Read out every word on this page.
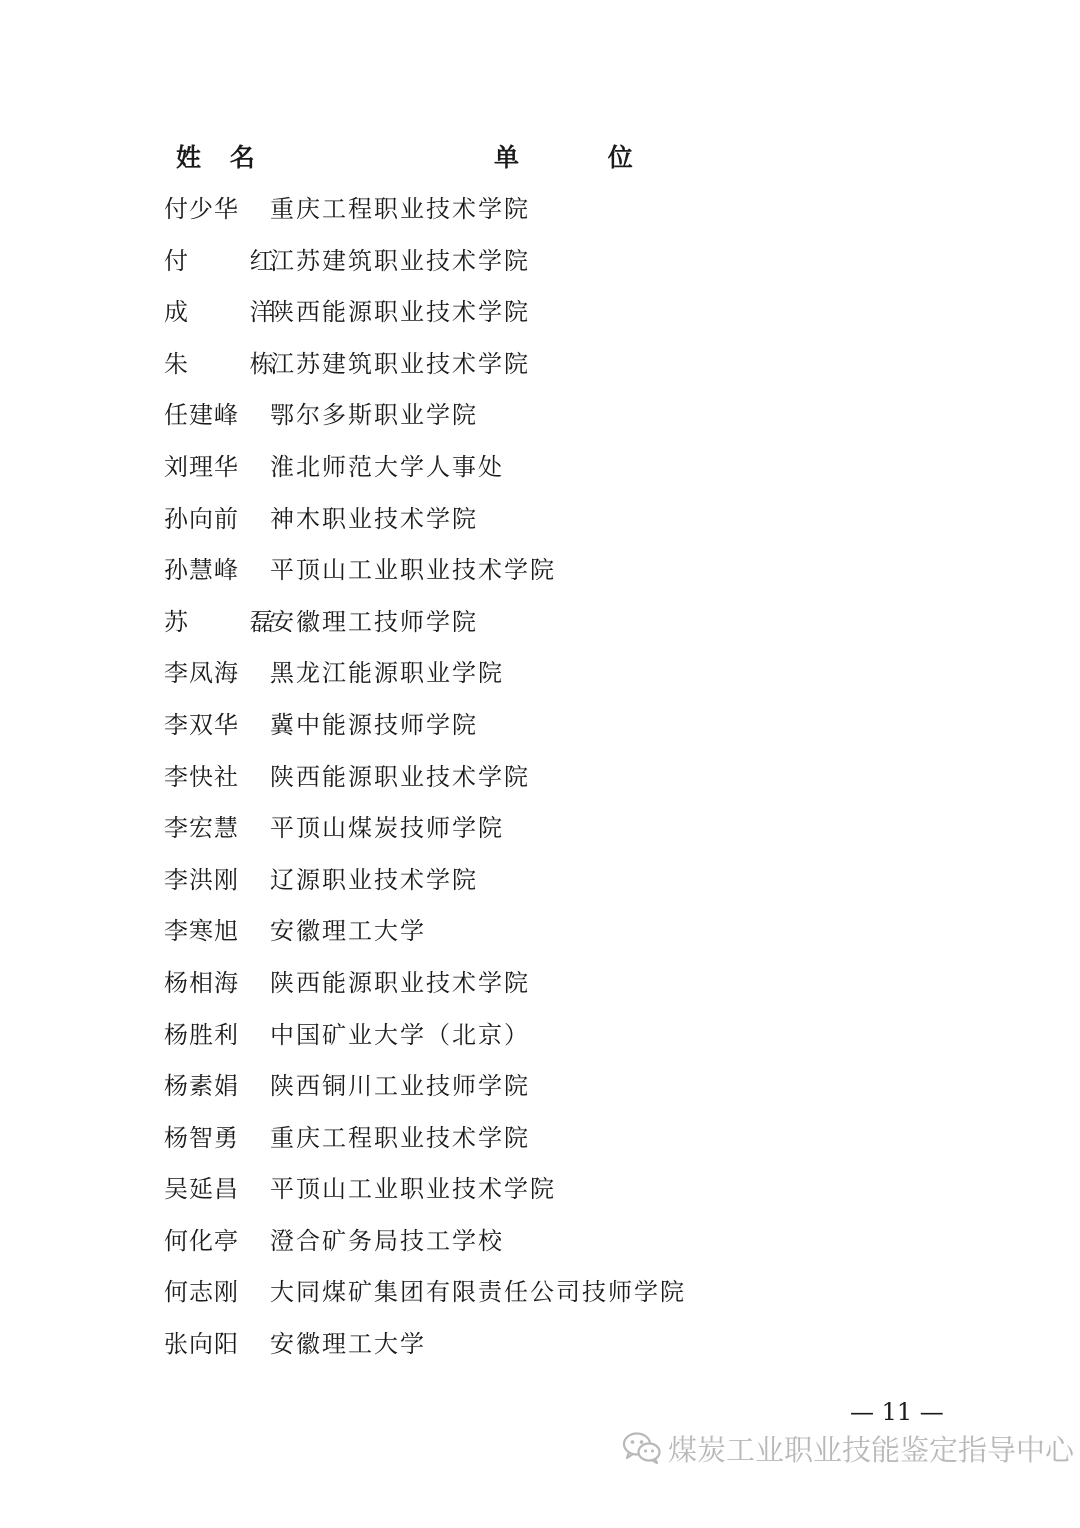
姓 名	单 位
付少华 重庆工程职业技术学院
付 红
江苏建筑职业技术学院
成 洋
陕西能源职业技术学院
朱 栋
江苏建筑职业技术学院
任建峰 鄂尔多斯职业学院
刘理华 淮北师范大学人事处
孙向前 神木职业技术学院
孙慧峰 平顶山工业职业技术学院
苏 磊
安徽理工技师学院
李凤海 黑龙江能源职业学院
李双华 冀中能源技师学院
李快社 陕西能源职业技术学院
李宏慧 平顶山煤炭技师学院
李洪刚 辽源职业技术学院
李寒旭 安徽理工大学
杨相海 陕西能源职业技术学院
杨胜利 中国矿业大学（北京）
杨素娟 陕西铜川工业技师学院
杨智勇 重庆工程职业技术学院
吴延昌 平顶山工业职业技术学院
何化亭 澄合矿务局技工学校
何志刚 大同煤矿集团有限责任公司技师学院
张向阳 安徽理工大学
— 11 —
煤炭工业职业技能鉴定指导中心
